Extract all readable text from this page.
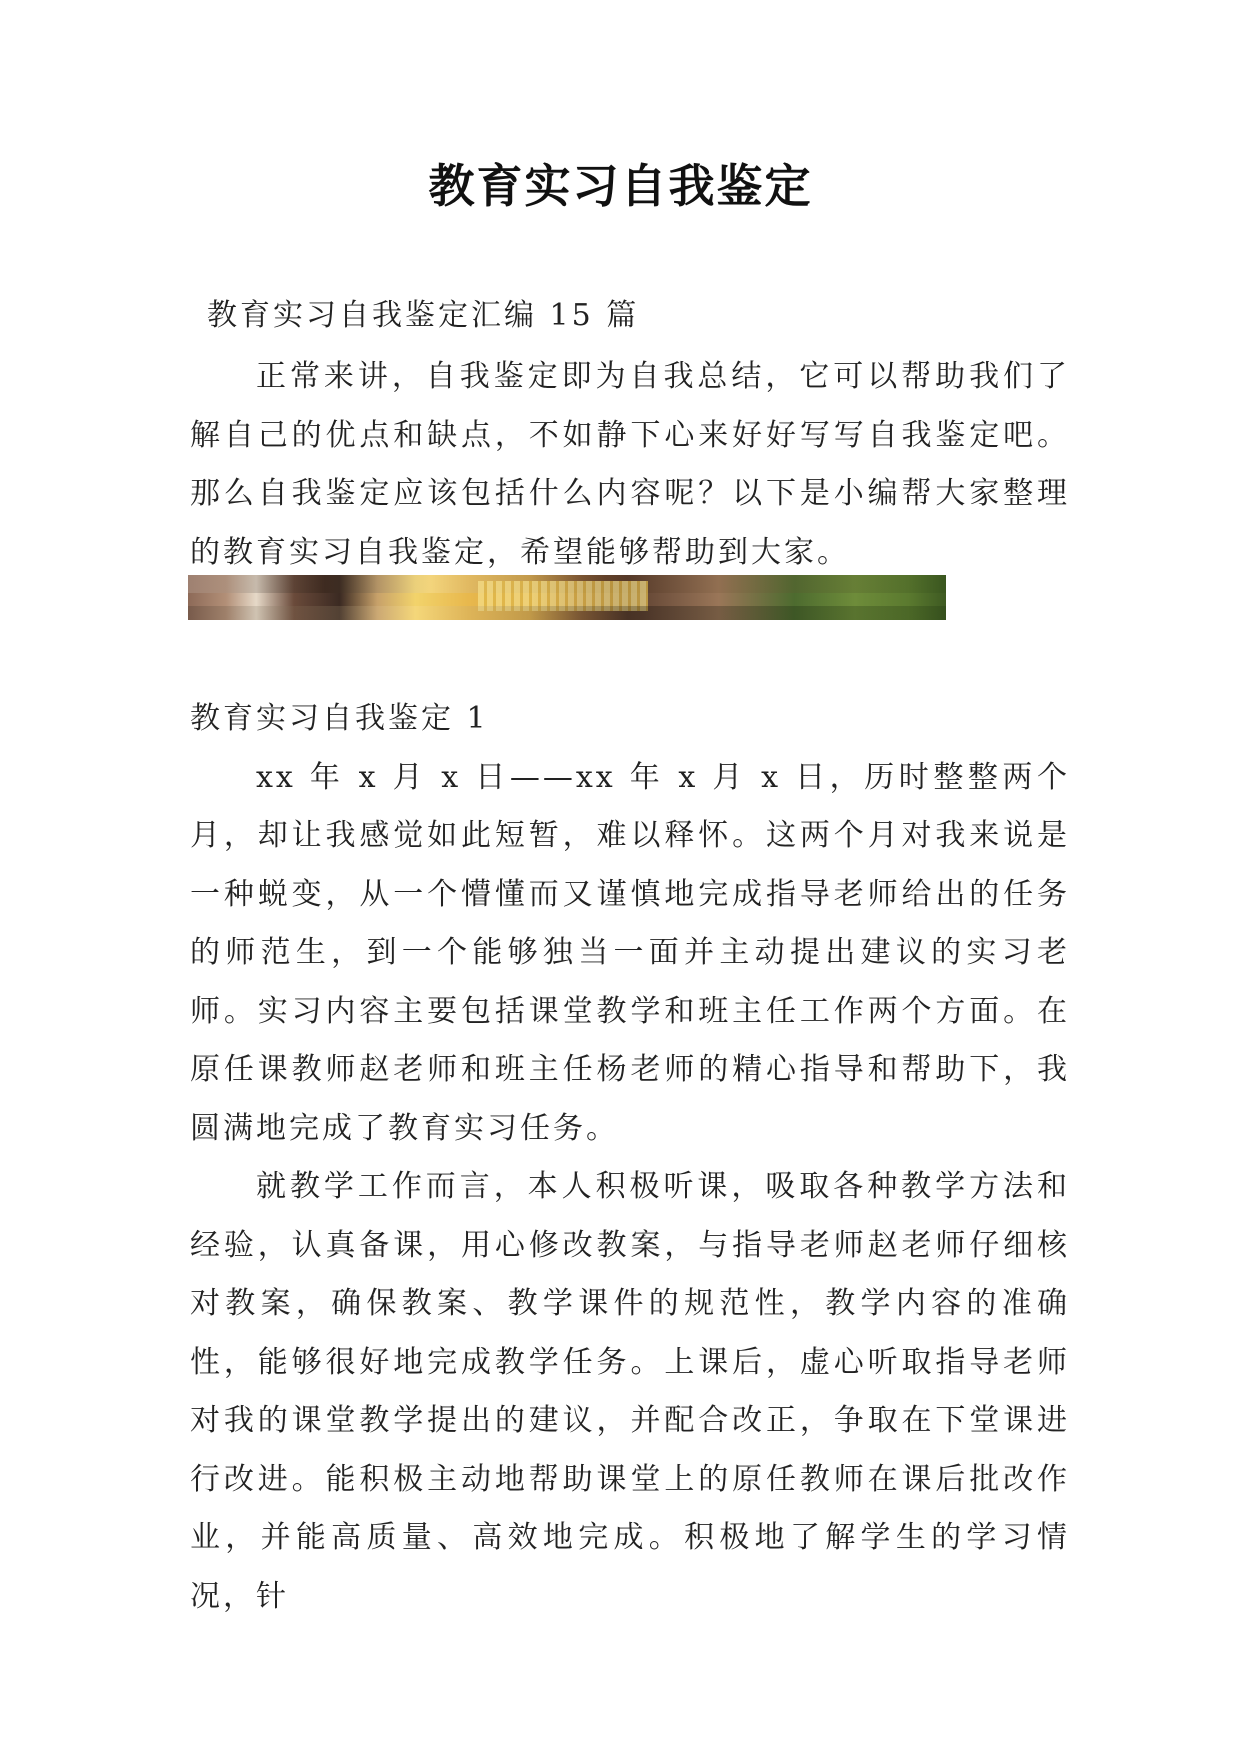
教育实习自我鉴定
教育实习自我鉴定汇编 15 篇

正常来讲，自我鉴定即为自我总结，它可以帮助我们了解自己的优点和缺点，不如静下心来好好写写自我鉴定吧。那么自我鉴定应该包括什么内容呢？以下是小编帮大家整理的教育实习自我鉴定，希望能够帮助到大家。

教育实习自我鉴定 1

xx 年 x 月 x 日——xx 年 x 月 x 日，历时整整两个月，却让我感觉如此短暂，难以释怀。这两个月对我来说是一种蜕变，从一个懵懂而又谨慎地完成指导老师给出的任务的师范生，到一个能够独当一面并主动提出建议的实习老师。实习内容主要包括课堂教学和班主任工作两个方面。在原任课教师赵老师和班主任杨老师的精心指导和帮助下，我圆满地完成了教育实习任务。

就教学工作而言，本人积极听课，吸取各种教学方法和经验，认真备课，用心修改教案，与指导老师赵老师仔细核对教案，确保教案、教学课件的规范性，教学内容的准确性，能够很好地完成教学任务。上课后，虚心听取指导老师对我的课堂教学提出的建议，并配合改正，争取在下堂课进行改进。能积极主动地帮助课堂上的原任教师在课后批改作业，并能高质量、高效地完成。积极地了解学生的学习情况，针
